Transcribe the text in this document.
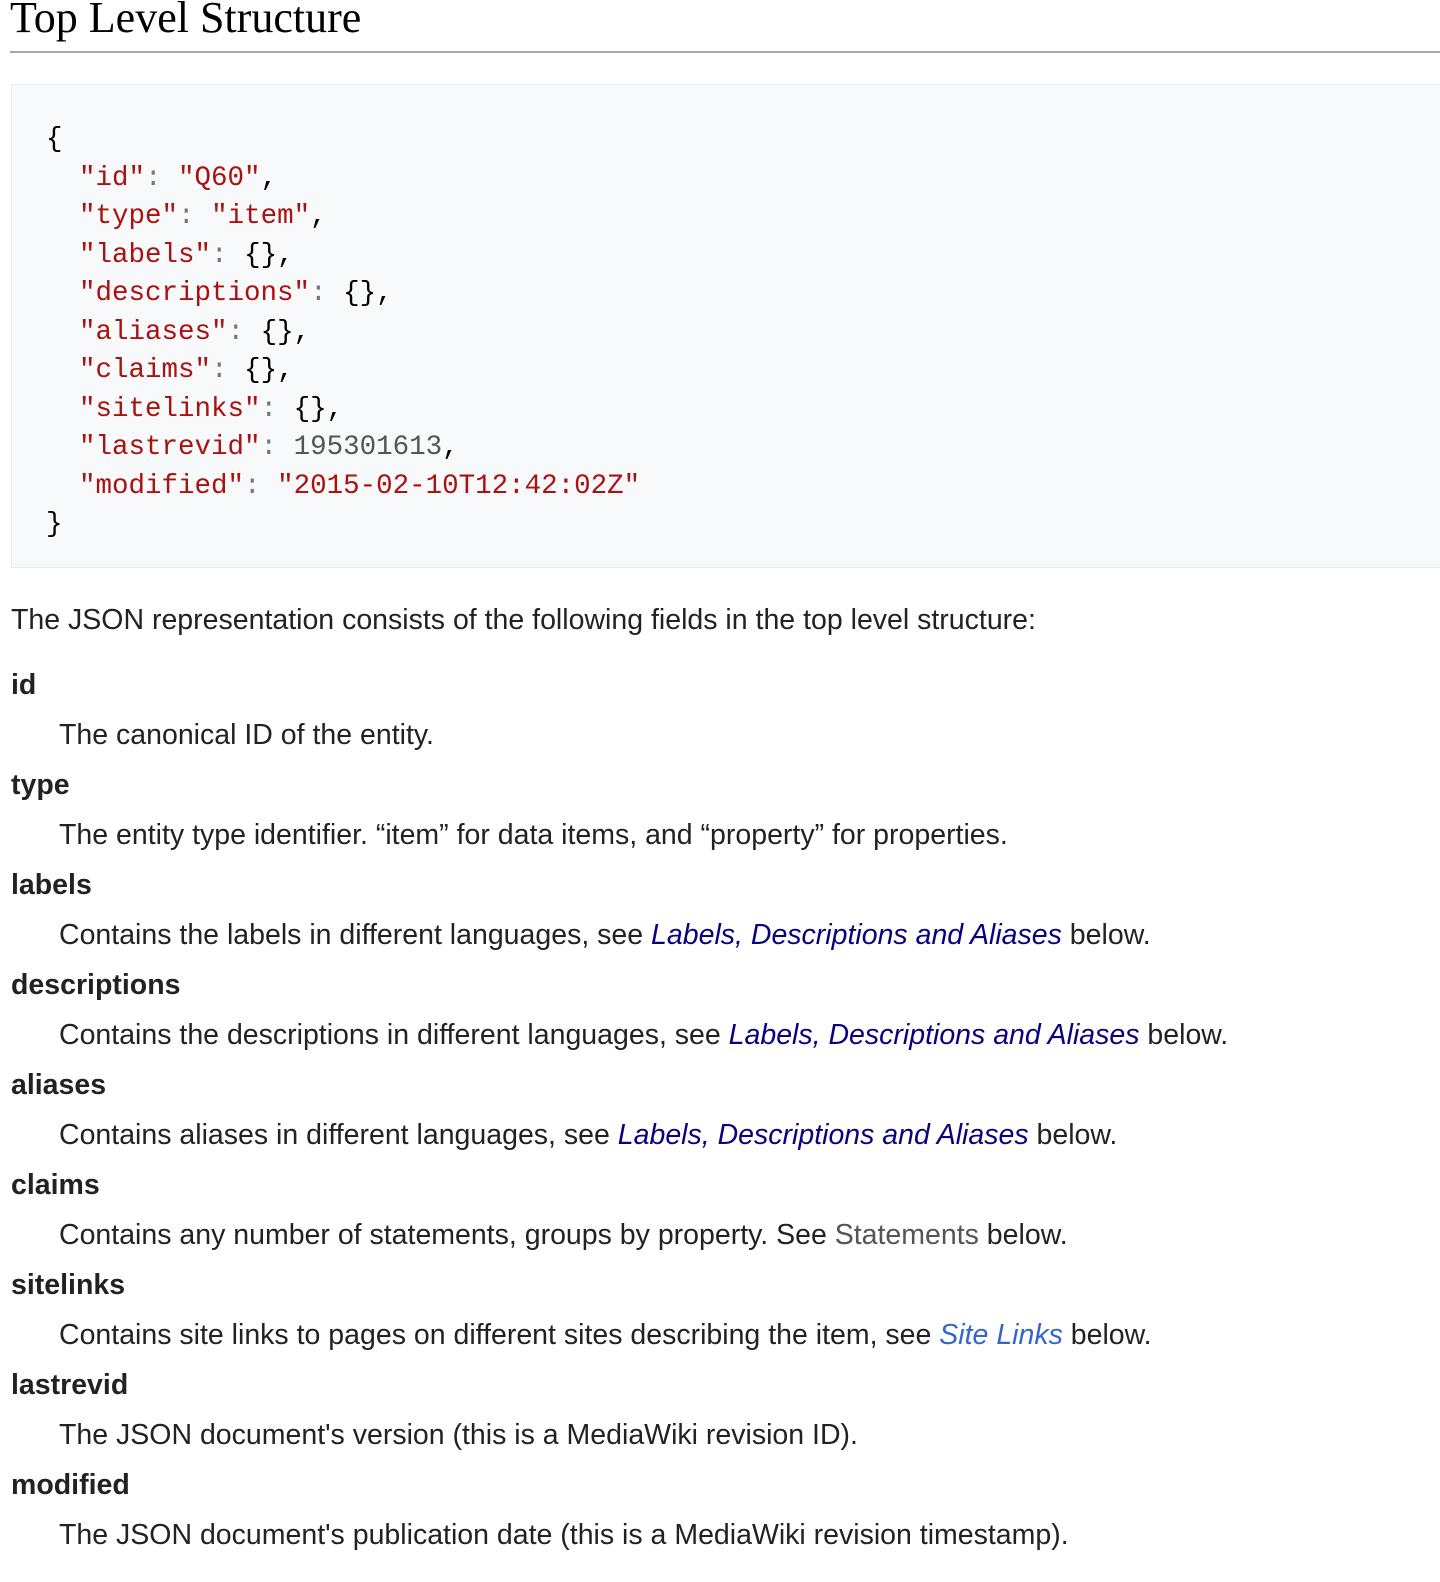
Top Level Structure
{
"id": "Q60",
"type": "item",
"labels": {},
"descriptions": {},
"aliases": {},
"claims": {},
"sitelinks": {},
"lastrevid": 195301613,
"modified": "2015-02-10T12:42:02Z"
}

The JSON representation consists of the following fields in the top level structure:

id
The canonical ID of the entity.
type
The entity type identifier. “item” for data items, and “property” for properties.
labels
Contains the labels in different languages, see Labels, Descriptions and Aliases below.
descriptions
Contains the descriptions in different languages, see Labels, Descriptions and Aliases below.
aliases
Contains aliases in different languages, see Labels, Descriptions and Aliases below.
claims
Contains any number of statements, groups by property. See Statements below.
sitelinks
Contains site links to pages on different sites describing the item, see Site Links below.
lastrevid
The JSON document's version (this is a MediaWiki revision ID).
modified
The JSON document's publication date (this is a MediaWiki revision timestamp).
